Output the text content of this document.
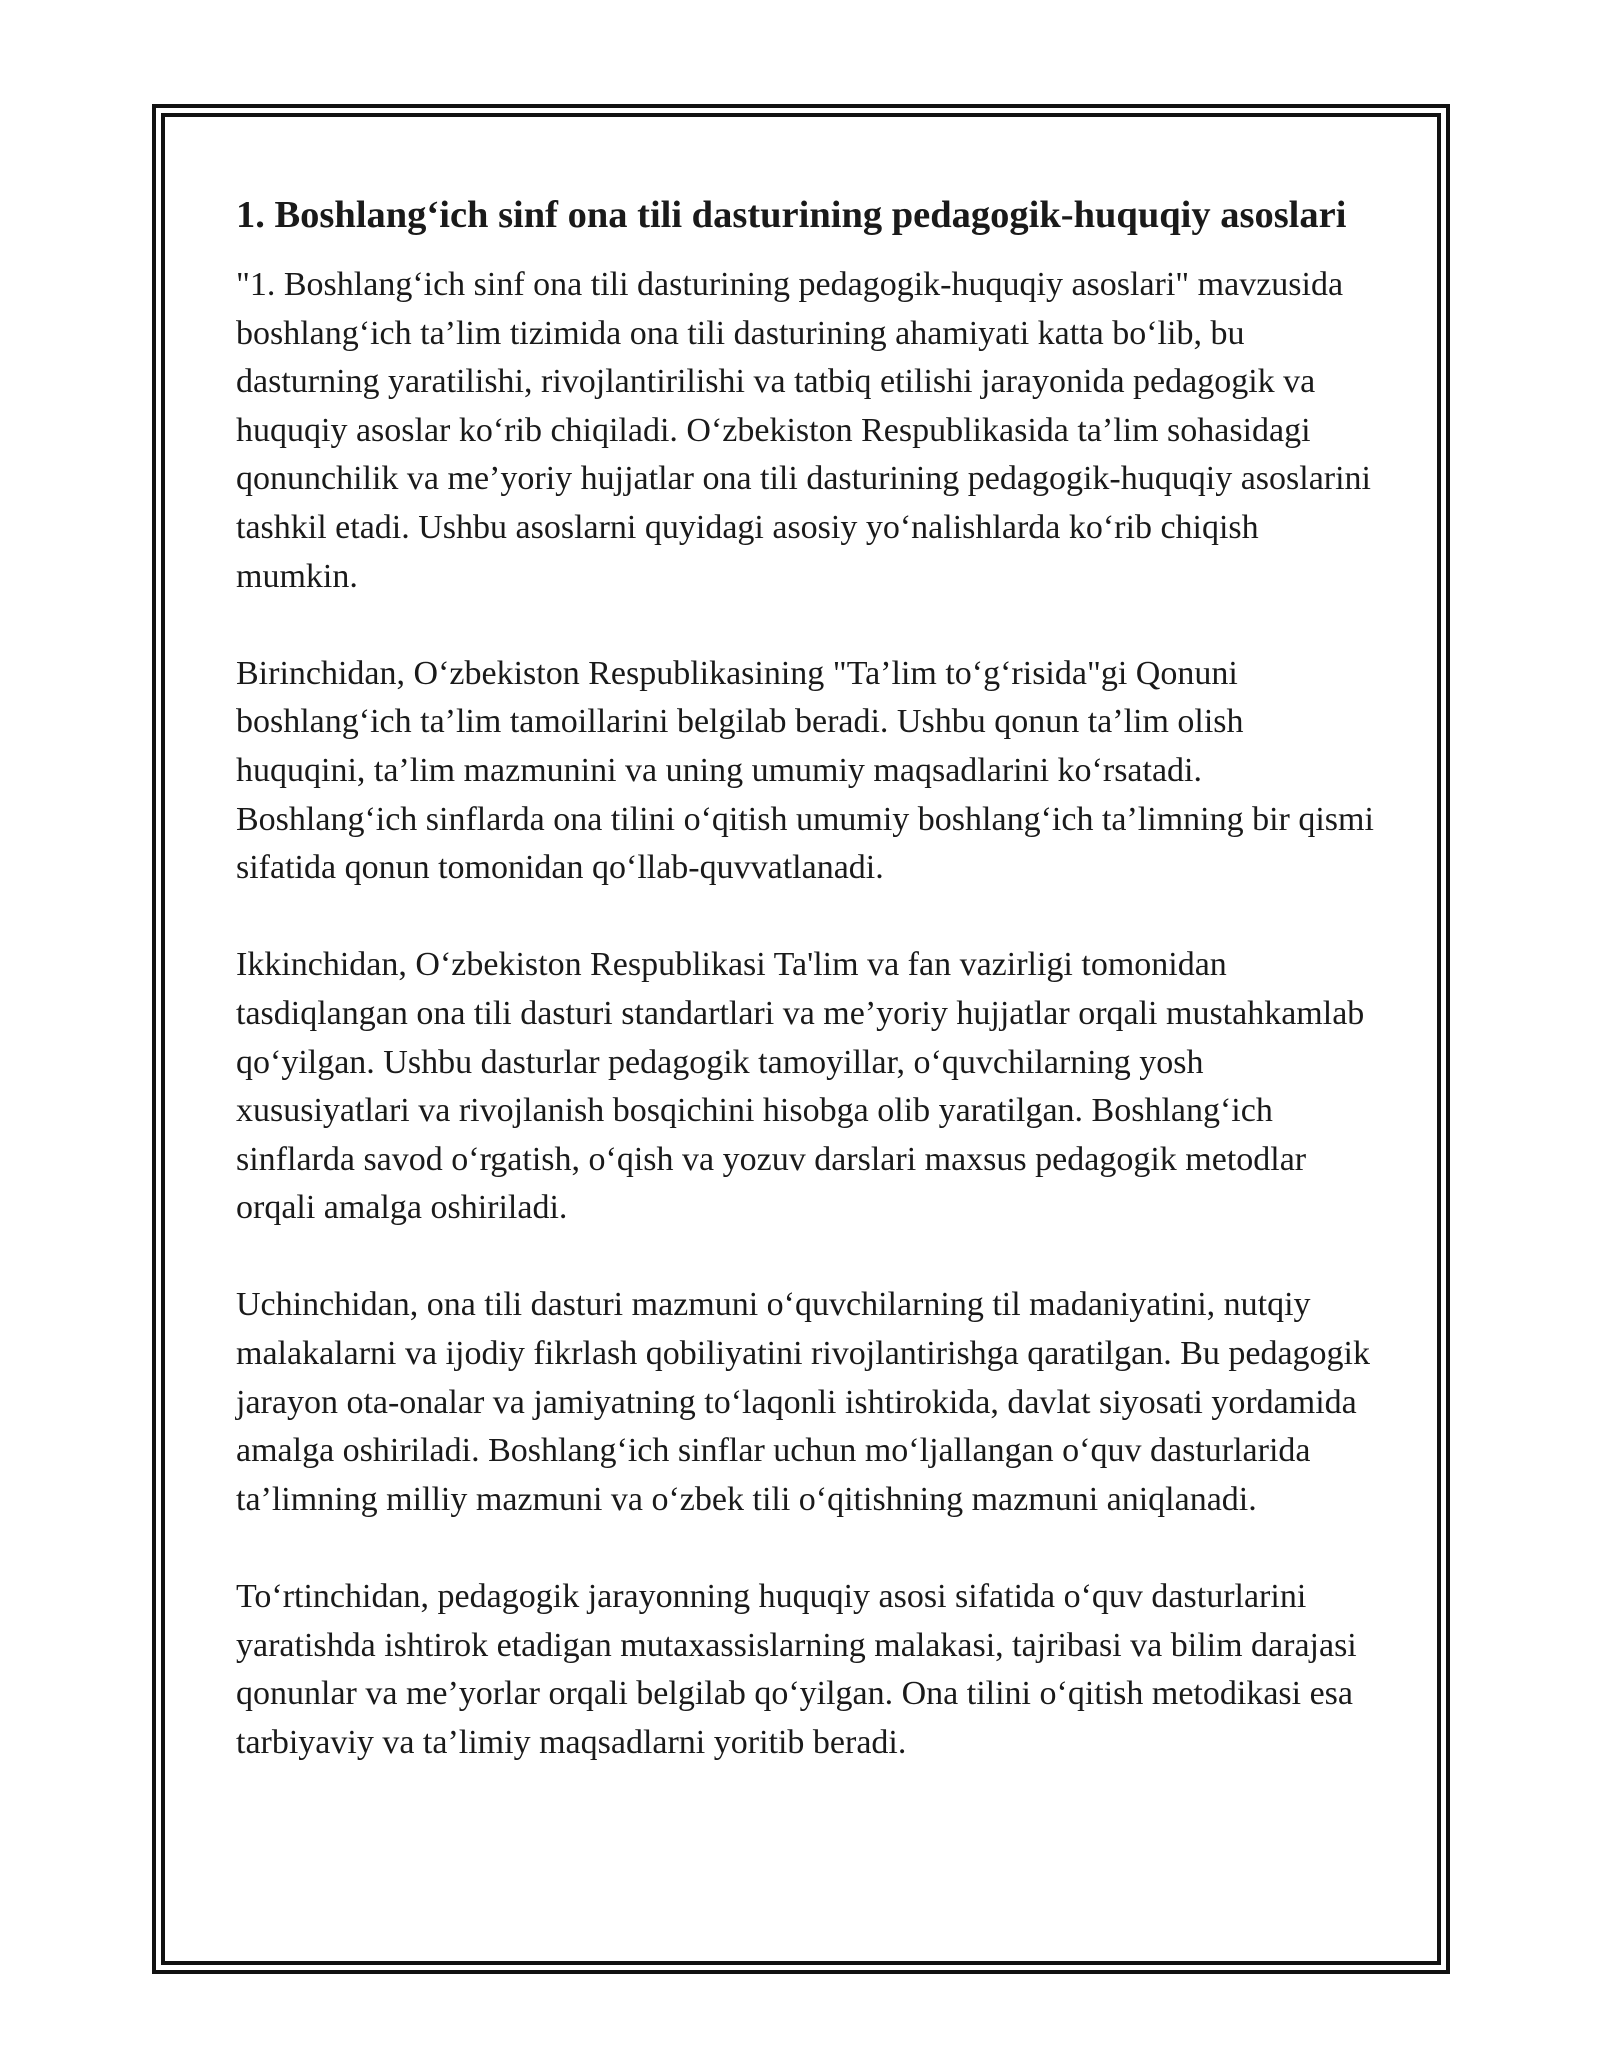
1. Boshlang‘ich sinf ona tili dasturining pedagogik-huquqiy asoslari

"1. Boshlang‘ich sinf ona tili dasturining pedagogik-huquqiy asoslari" mavzusida boshlang‘ich ta’lim tizimida ona tili dasturining ahamiyati katta bo‘lib, bu dasturning yaratilishi, rivojlantirilishi va tatbiq etilishi jarayonida pedagogik va huquqiy asoslar ko‘rib chiqiladi. O‘zbekiston Respublikasida ta’lim sohasidagi qonunchilik va me’yoriy hujjatlar ona tili dasturining pedagogik-huquqiy asoslarini tashkil etadi. Ushbu asoslarni quyidagi asosiy yo‘nalishlarda ko‘rib chiqish mumkin.

Birinchidan, O‘zbekiston Respublikasining "Ta’lim to‘g‘risida"gi Qonuni boshlang‘ich ta’lim tamoillarini belgilab beradi. Ushbu qonun ta’lim olish huquqini, ta’lim mazmunini va uning umumiy maqsadlarini ko‘rsatadi. Boshlang‘ich sinflarda ona tilini o‘qitish umumiy boshlang‘ich ta’limning bir qismi sifatida qonun tomonidan qo‘llab-quvvatlanadi.

Ikkinchidan, O‘zbekiston Respublikasi Ta'lim va fan vazirligi tomonidan tasdiqlangan ona tili dasturi standartlari va me’yoriy hujjatlar orqali mustahkamlab qo‘yilgan. Ushbu dasturlar pedagogik tamoyillar, o‘quvchilarning yosh xususiyatlari va rivojlanish bosqichini hisobga olib yaratilgan. Boshlang‘ich sinflarda savod o‘rgatish, o‘qish va yozuv darslari maxsus pedagogik metodlar orqali amalga oshiriladi.

Uchinchidan, ona tili dasturi mazmuni o‘quvchilarning til madaniyatini, nutqiy malakalarni va ijodiy fikrlash qobiliyatini rivojlantirishga qaratilgan. Bu pedagogik jarayon ota-onalar va jamiyatning to‘laqonli ishtirokida, davlat siyosati yordamida amalga oshiriladi. Boshlang‘ich sinflar uchun mo‘ljallangan o‘quv dasturlarida ta’limning milliy mazmuni va o‘zbek tili o‘qitishning mazmuni aniqlanadi.

To‘rtinchidan, pedagogik jarayonning huquqiy asosi sifatida o‘quv dasturlarini yaratishda ishtirok etadigan mutaxassislarning malakasi, tajribasi va bilim darajasi qonunlar va me’yorlar orqali belgilab qo‘yilgan. Ona tilini o‘qitish metodikasi esa tarbiyaviy va ta’limiy maqsadlarni yoritib beradi.
